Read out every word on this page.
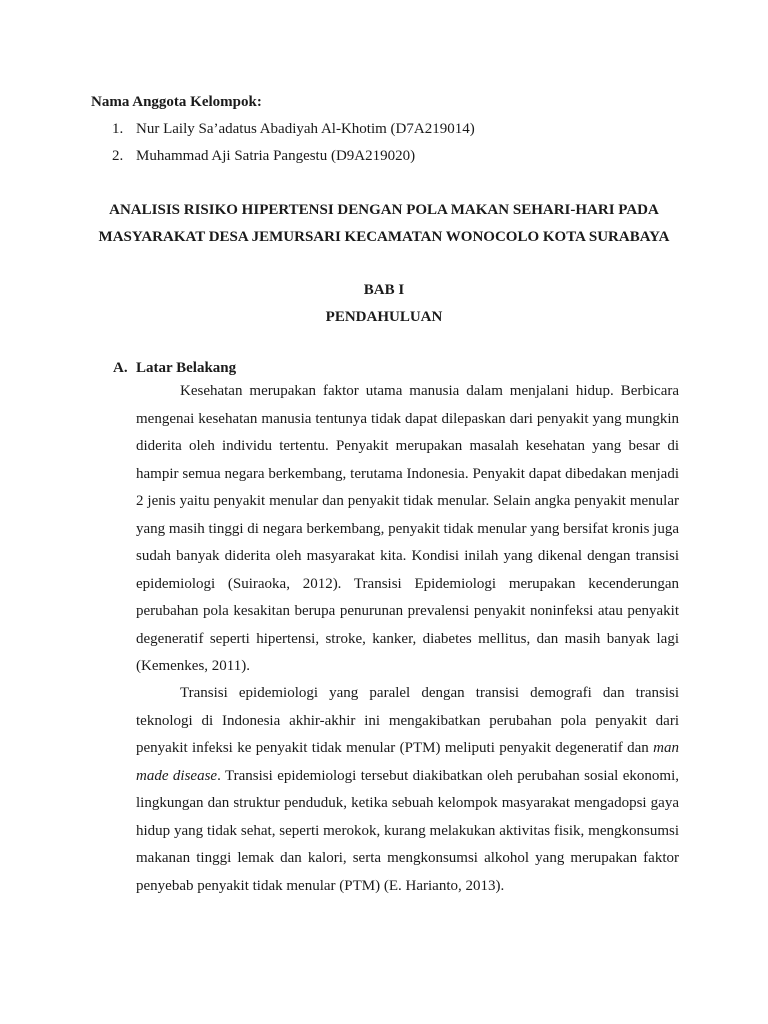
Nama Anggota Kelompok:
1. Nur Laily Sa’adatus Abadiyah Al-Khotim (D7A219014)
2. Muhammad Aji Satria Pangestu (D9A219020)
ANALISIS RISIKO HIPERTENSI DENGAN POLA MAKAN SEHARI-HARI PADA
MASYARAKAT DESA JEMURSARI KECAMATAN WONOCOLO KOTA SURABAYA
BAB I
PENDAHULUAN
A. Latar Belakang

Kesehatan merupakan faktor utama manusia dalam menjalani hidup. Berbicara mengenai kesehatan manusia tentunya tidak dapat dilepaskan dari penyakit yang mungkin diderita oleh individu tertentu. Penyakit merupakan masalah kesehatan yang besar di hampir semua negara berkembang, terutama Indonesia. Penyakit dapat dibedakan menjadi 2 jenis yaitu penyakit menular dan penyakit tidak menular. Selain angka penyakit menular yang masih tinggi di negara berkembang, penyakit tidak menular yang bersifat kronis juga sudah banyak diderita oleh masyarakat kita. Kondisi inilah yang dikenal dengan transisi epidemiologi (Suiraoka, 2012). Transisi Epidemiologi merupakan kecenderungan perubahan pola kesakitan berupa penurunan prevalensi penyakit noninfeksi atau penyakit degeneratif seperti hipertensi, stroke, kanker, diabetes mellitus, dan masih banyak lagi (Kemenkes, 2011).

Transisi epidemiologi yang paralel dengan transisi demografi dan transisi teknologi di Indonesia akhir-akhir ini mengakibatkan perubahan pola penyakit dari penyakit infeksi ke penyakit tidak menular (PTM) meliputi penyakit degeneratif dan man made disease. Transisi epidemiologi tersebut diakibatkan oleh perubahan sosial ekonomi, lingkungan dan struktur penduduk, ketika sebuah kelompok masyarakat mengadopsi gaya hidup yang tidak sehat, seperti merokok, kurang melakukan aktivitas fisik, mengkonsumsi makanan tinggi lemak dan kalori, serta mengkonsumsi alkohol yang merupakan faktor penyebab penyakit tidak menular (PTM) (E. Harianto, 2013).
